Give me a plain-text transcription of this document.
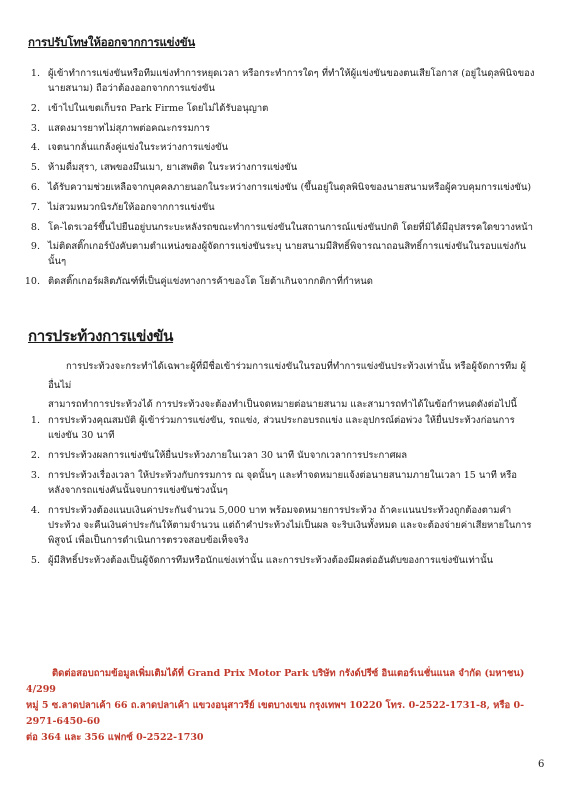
การปรับโทษให้ออกจากการแข่งขัน
1. ผู้เข้าทำการแข่งขันหรือทีมแข่งทำการหยุดเวลา หรือกระทำการใดๆ ที่ทำให้ผู้แข่งขันของตนเสียโอกาส (อยู่ในดุลพินิจของ
นายสนาม) ถือว่าต้องออกจากการแข่งขัน
2. เข้าไปในเขตเก็บรถ Park Firme โดยไม่ได้รับอนุญาต
3. แสดงมารยาทไม่สุภาพต่อคณะกรรมการ
4. เจตนากลั่นแกล้งคู่แข่งในระหว่างการแข่งขัน
5. ห้ามดื่มสุรา, เสพของมึนเมา, ยาเสพติด ในระหว่างการแข่งขัน
6. ได้รับความช่วยเหลือจากบุคคลภายนอกในระหว่างการแข่งขัน (ขึ้นอยู่ในดุลพินิจของนายสนามหรือผู้ควบคุมการแข่งขัน)
7. ไม่สวมหมวกนิรภัยให้ออกจากการแข่งขัน
8. โค-ไดรเวอร์ขึ้นไปยืนอยู่บนกระบะหลังรถขณะทำการแข่งขันในสถานการณ์แข่งขันปกติ โดยที่มิได้มีอุปสรรคใดขวางหน้า
9. ไม่ติดสติ๊กเกอร์บังคับตามตำแหน่งของผู้จัดการแข่งขันระบุ นายสนามมีสิทธิ์พิจารณาถอนสิทธิ์การแข่งขันในรอบแข่งกัน
นั้นๆ
10. ติดสติ๊กเกอร์ผลิตภัณฑ์ที่เป็นคู่แข่งทางการค้าของโต โยต้าเกินจากกติกาที่กำหนด
การประท้วงการแข่งขัน
การประท้วงจะกระทำได้เฉพาะผู้ที่มีชื่อเข้าร่วมการแข่งขันในรอบที่ทำการแข่งขันประท้วงเท่านั้น หรือผู้จัดการทีม ผู้อื่นไม่
สามารถทำการประท้วงได้ การประท้วงจะต้องทำเป็นจดหมายต่อนายสนาม และสามารถทำได้ในข้อกำหนดดังต่อไปนี้
1. การประท้วงคุณสมบัติ ผู้เข้าร่วมการแข่งขัน, รถแข่ง, ส่วนประกอบรถแข่ง และอุปกรณ์ต่อพ่วง ให้ยื่นประท้วงก่อนการ
แข่งขัน 30 นาที
2. การประท้วงผลการแข่งขันให้ยื่นประท้วงภายในเวลา 30 นาที นับจากเวลาการประกาศผล
3. การประท้วงเรื่องเวลา ให้ประท้วงกับกรรมการ ณ จุดนั้นๆ และทำจดหมายแจ้งต่อนายสนามภายในเวลา 15 นาที หรือ
หลังจากรถแข่งคันนั้นจบการแข่งขันช่วงนั้นๆ
4. การประท้วงต้องแนบเงินค่าประกันจำนวน 5,000 บาท พร้อมจดหมายการประท้วง ถ้าคะแนนประท้วงถูกต้องตามคำ
ประท้วง จะคืนเงินค่าประกันให้ตามจำนวน แต่ถ้าคำประท้วงไม่เป็นผล จะริบเงินทั้งหมด และจะต้องจ่ายค่าเสียหายในการ
พิสูจน์ เพื่อเป็นการดำเนินการตรวจสอบข้อเท็จจริง
5. ผู้มีสิทธิ์ประท้วงต้องเป็นผู้จัดการทีมหรือนักแข่งเท่านั้น และการประท้วงต้องมีผลต่ออันดับของการแข่งขันเท่านั้น
ติดต่อสอบถามข้อมูลเพิ่มเติมได้ที่ Grand Prix Motor Park บริษัท กรังด์ปรีซ์ อินเตอร์เนชั่นแนล จำกัด (มหาชน) 4/299
หมู่ 5 ซ.ลาดปลาเค้า 66 ถ.ลาดปลาเค้า แขวงอนุสาวรีย์ เขตบางเขน กรุงเทพฯ 10220 โทร. 0-2522-1731-8, หรือ 0-2971-6450-60
ต่อ 364 และ 356 แฟกซ์ 0-2522-1730
6
